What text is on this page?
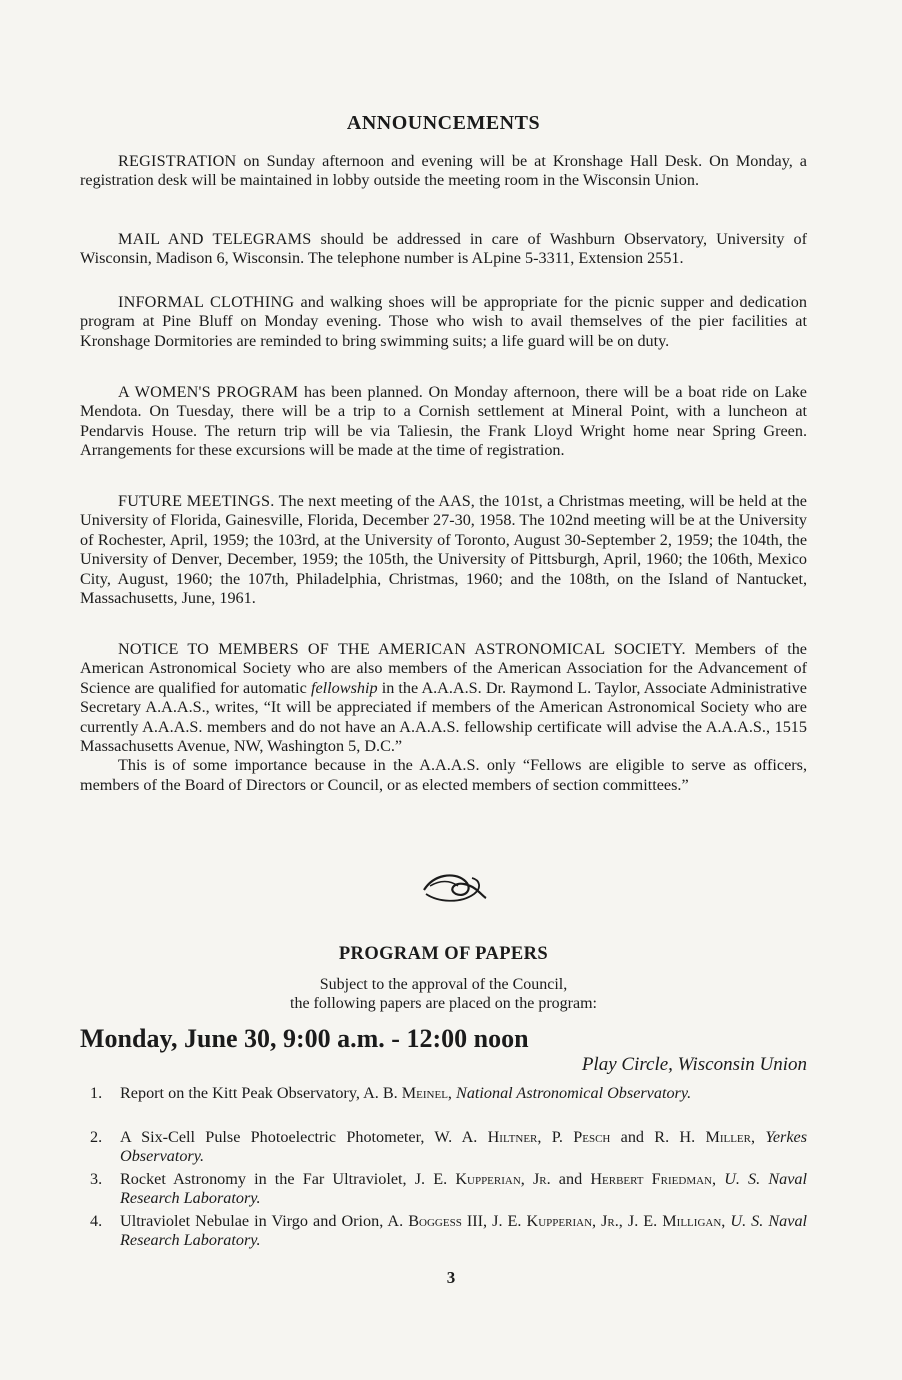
ANNOUNCEMENTS

REGISTRATION on Sunday afternoon and evening will be at Kronshage Hall Desk. On Monday, a registration desk will be maintained in lobby outside the meeting room in the Wisconsin Union.

MAIL AND TELEGRAMS should be addressed in care of Washburn Observatory, University of Wisconsin, Madison 6, Wisconsin. The telephone number is ALpine 5-3311, Extension 2551.

INFORMAL CLOTHING and walking shoes will be appropriate for the picnic supper and dedication program at Pine Bluff on Monday evening. Those who wish to avail themselves of the pier facilities at Kronshage Dormitories are reminded to bring swimming suits; a life guard will be on duty.

A WOMEN'S PROGRAM has been planned. On Monday afternoon, there will be a boat ride on Lake Mendota. On Tuesday, there will be a trip to a Cornish settlement at Mineral Point, with a luncheon at Pendarvis House. The return trip will be via Taliesin, the Frank Lloyd Wright home near Spring Green. Arrangements for these excursions will be made at the time of registration.

FUTURE MEETINGS. The next meeting of the AAS, the 101st, a Christmas meeting, will be held at the University of Florida, Gainesville, Florida, December 27-30, 1958. The 102nd meeting will be at the University of Rochester, April, 1959; the 103rd, at the University of Toronto, August 30-September 2, 1959; the 104th, the University of Denver, December, 1959; the 105th, the University of Pittsburgh, April, 1960; the 106th, Mexico City, August, 1960; the 107th, Philadelphia, Christmas, 1960; and the 108th, on the Island of Nantucket, Massachusetts, June, 1961.

NOTICE TO MEMBERS OF THE AMERICAN ASTRONOMICAL SOCIETY. Members of the American Astronomical Society who are also members of the American Association for the Advancement of Science are qualified for automatic fellowship in the A.A.A.S. Dr. Raymond L. Taylor, Associate Administrative Secretary A.A.A.S., writes, “It will be appreciated if members of the American Astronomical Society who are currently A.A.A.S. members and do not have an A.A.A.S. fellowship certificate will advise the A.A.A.S., 1515 Massachusetts Avenue, NW, Washington 5, D.C.”

This is of some importance because in the A.A.A.S. only “Fellows are eligible to serve as officers, members of the Board of Directors or Council, or as elected members of section committees.”

PROGRAM OF PAPERS
Subject to the approval of the Council,
the following papers are placed on the program:
Monday, June 30, 9:00 a.m. - 12:00 noon
Play Circle, Wisconsin Union
1. Report on the Kitt Peak Observatory, A. B. Meinel, National Astronomical Observatory.
2. A Six-Cell Pulse Photoelectric Photometer, W. A. Hiltner, P. Pesch and R. H. Miller, Yerkes Observatory.
3. Rocket Astronomy in the Far Ultraviolet, J. E. Kupperian, Jr. and Herbert Friedman, U. S. Naval Research Laboratory.
4. Ultraviolet Nebulae in Virgo and Orion, A. Boggess III, J. E. Kupperian, Jr., J. E. Milligan, U. S. Naval Research Laboratory.
3
